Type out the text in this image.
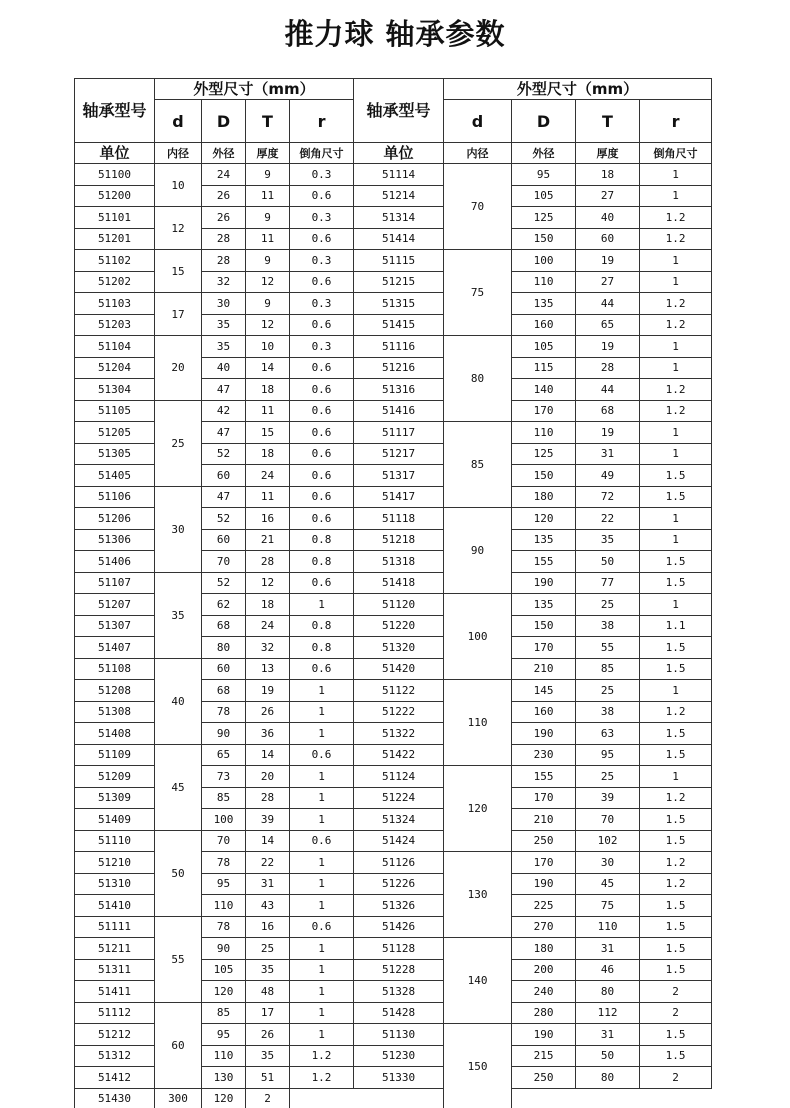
推力球 轴承参数
轴承型号	外型尺寸（mm）				轴承型号	外型尺寸（mm）			
	d	D	T	r		d	D	T	r
单位	内径	外径	厚度	倒角尺寸	单位	内径	外径	厚度	倒角尺寸
51100	10	24	9	0.3	51114	70	95	18	1
51200		26	11	0.6	51214		105	27	1
51101	12	26	9	0.3	51314		125	40	1.2
51201		28	11	0.6	51414		150	60	1.2
51102	15	28	9	0.3	51115	75	100	19	1
51202		32	12	0.6	51215		110	27	1
51103	17	30	9	0.3	51315		135	44	1.2
51203		35	12	0.6	51415		160	65	1.2
51104	20	35	10	0.3	51116	80	105	19	1
51204		40	14	0.6	51216		115	28	1
51304		47	18	0.6	51316		140	44	1.2
51105	25	42	11	0.6	51416		170	68	1.2
51205		47	15	0.6	51117	85	110	19	1
51305		52	18	0.6	51217		125	31	1
51405		60	24	0.6	51317		150	49	1.5
51106	30	47	11	0.6	51417		180	72	1.5
51206		52	16	0.6	51118	90	120	22	1
51306		60	21	0.8	51218		135	35	1
51406		70	28	0.8	51318		155	50	1.5
51107	35	52	12	0.6	51418		190	77	1.5
51207		62	18	1	51120	100	135	25	1
51307		68	24	0.8	51220		150	38	1.1
51407		80	32	0.8	51320		170	55	1.5
51108	40	60	13	0.6	51420		210	85	1.5
51208		68	19	1	51122	110	145	25	1
51308		78	26	1	51222		160	38	1.2
51408		90	36	1	51322		190	63	1.5
51109	45	65	14	0.6	51422		230	95	1.5
51209		73	20	1	51124	120	155	25	1
51309		85	28	1	51224		170	39	1.2
51409		100	39	1	51324		210	70	1.5
51110	50	70	14	0.6	51424		250	102	1.5
51210		78	22	1	51126	130	170	30	1.2
51310		95	31	1	51226		190	45	1.2
51410		110	43	1	51326		225	75	1.5
51111	55	78	16	0.6	51426		270	110	1.5
51211		90	25	1	51128	140	180	31	1.5
51311		105	35	1	51228		200	46	1.5
51411		120	48	1	51328		240	80	2
51112	60	85	17	1	51428		280	112	2
51212		95	26	1	51130	150	190	31	1.5
51312		110	35	1.2	51230		215	50	1.5
51412		130	51	1.2	51330		250	80	2
51430	300	120	2						
